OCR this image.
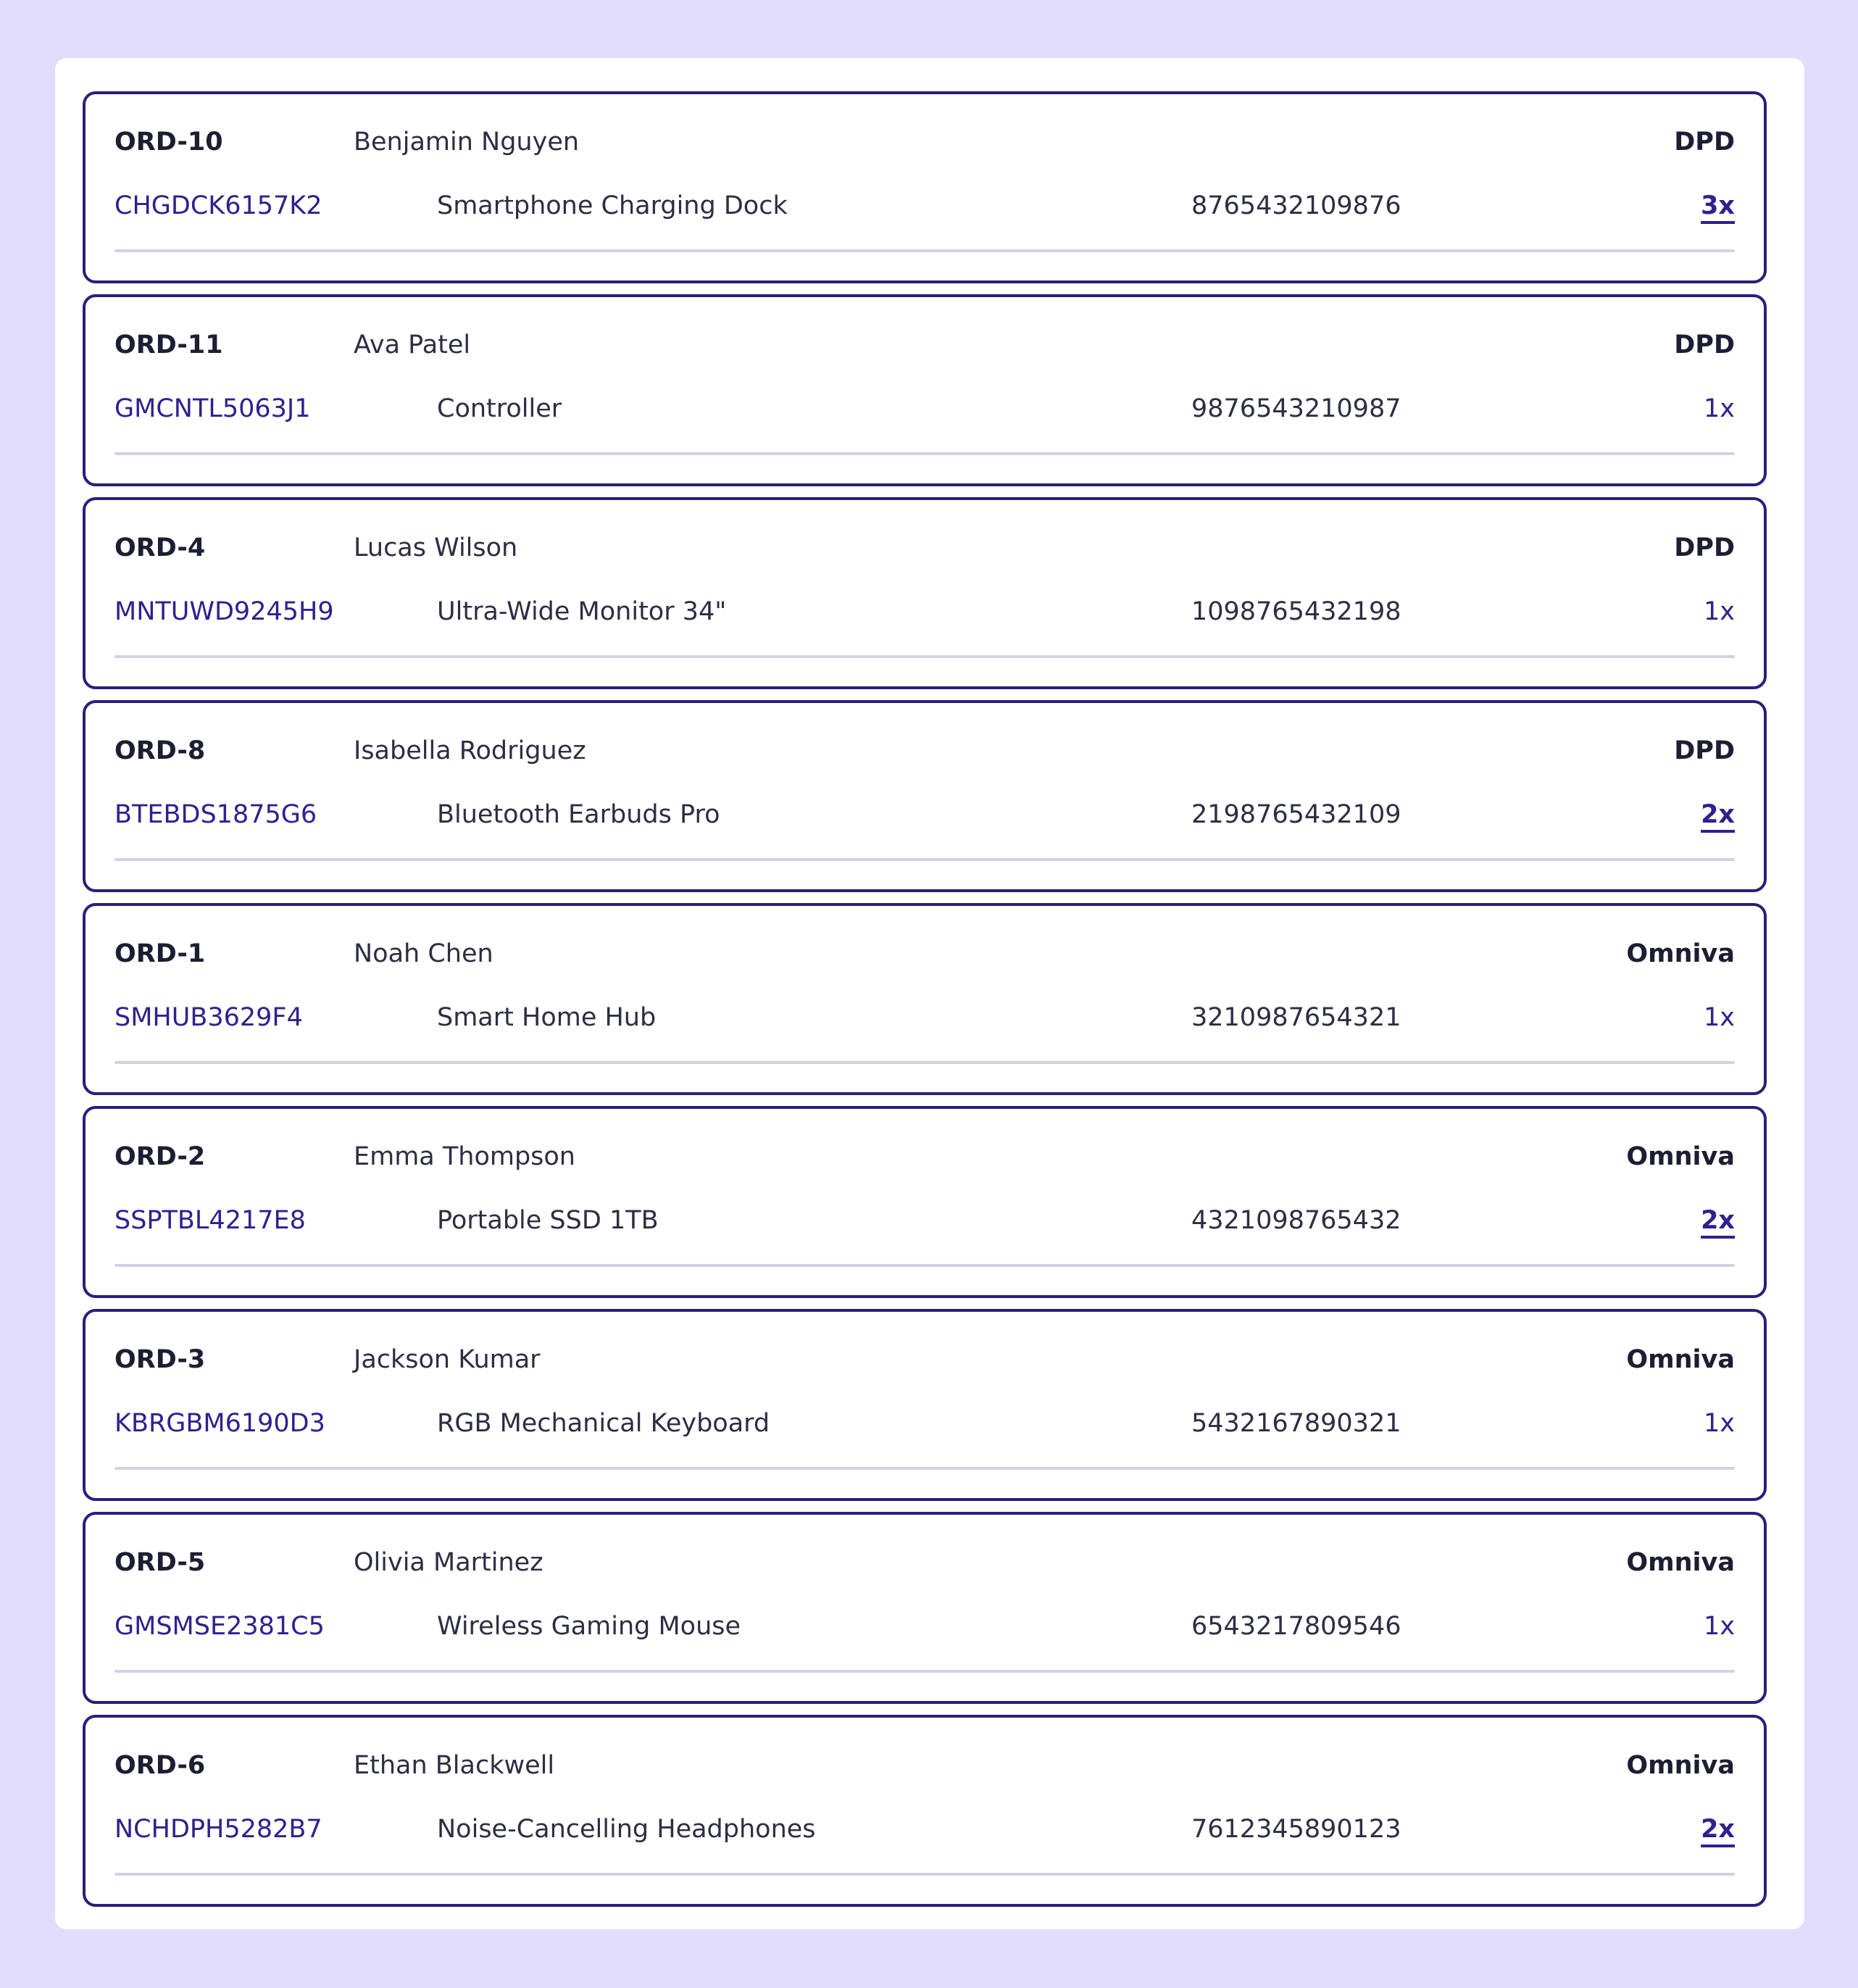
ORD-10	Benjamin Nguyen	DPD
CHGDCK6157K2	Smartphone Charging Dock	8765432109876	3x
ORD-11	Ava Patel	DPD
GMCNTL5063J1	Controller	9876543210987	1x
ORD-4	Lucas Wilson	DPD
MNTUWD9245H9	Ultra-Wide Monitor 34"	1098765432198	1x
ORD-8	Isabella Rodriguez	DPD
BTEBDS1875G6	Bluetooth Earbuds Pro	2198765432109	2x
ORD-1	Noah Chen	Omniva
SMHUB3629F4	Smart Home Hub	3210987654321	1x
ORD-2	Emma Thompson	Omniva
SSPTBL4217E8	Portable SSD 1TB	4321098765432	2x
ORD-3	Jackson Kumar	Omniva
KBRGBM6190D3	RGB Mechanical Keyboard	5432167890321	1x
ORD-5	Olivia Martinez	Omniva
GMSMSE2381C5	Wireless Gaming Mouse	6543217809546	1x
ORD-6	Ethan Blackwell	Omniva
NCHDPH5282B7	Noise-Cancelling Headphones	7612345890123	2x
